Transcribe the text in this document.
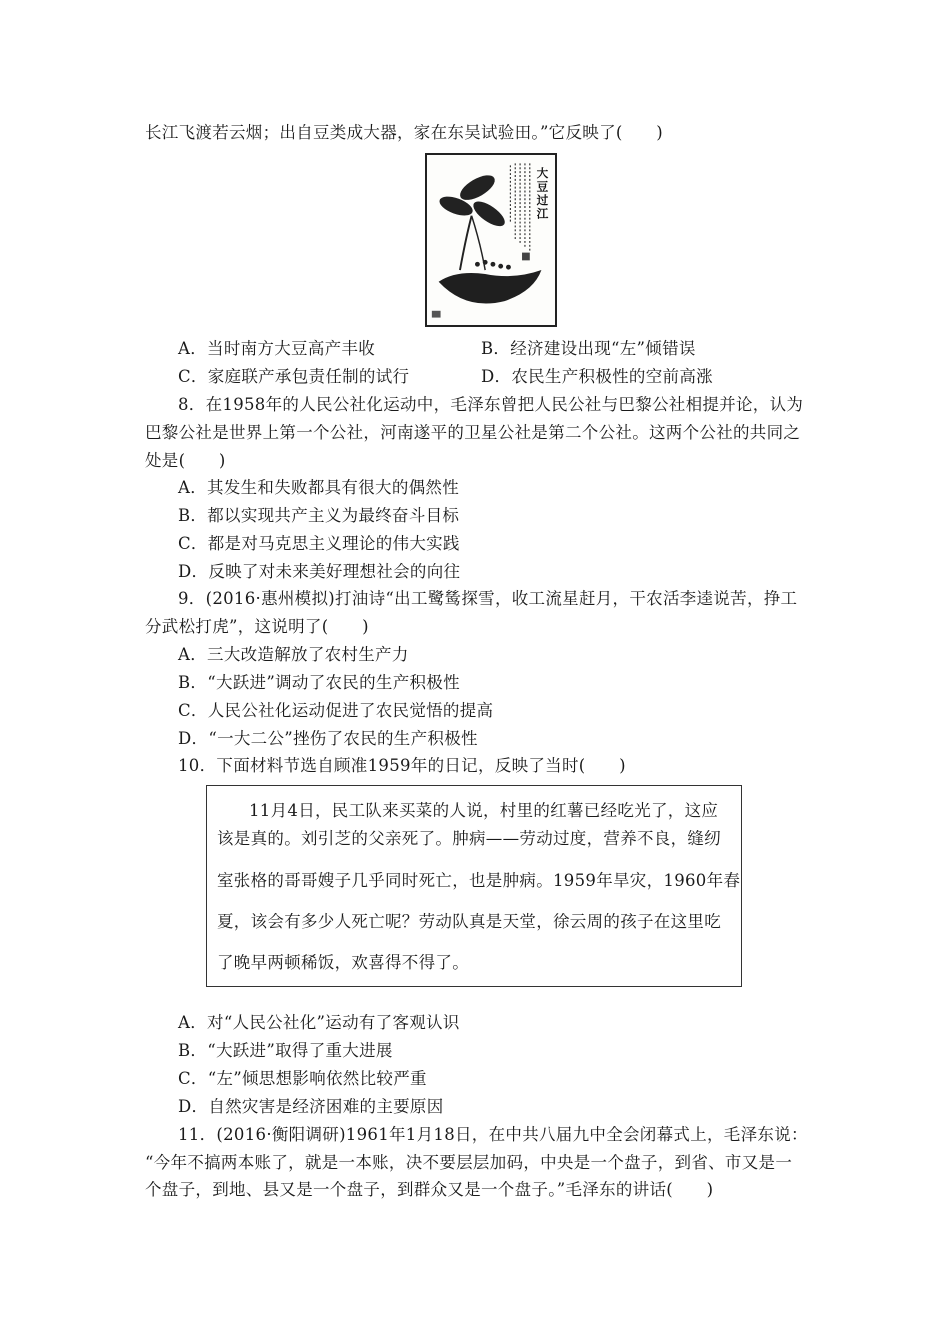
长江飞渡若云烟；出自豆类成大器，家在东吴试验田。”它反映了(　　)
大
豆
过
江
A．当时南方大豆高产丰收	B．经济建设出现“左”倾错误
C．家庭联产承包责任制的试行	D．农民生产积极性的空前高涨
8．在1958年的人民公社化运动中，毛泽东曾把人民公社与巴黎公社相提并论，认为
巴黎公社是世界上第一个公社，河南遂平的卫星公社是第二个公社。这两个公社的共同之
处是(　　)
A．其发生和失败都具有很大的偶然性
B．都以实现共产主义为最终奋斗目标
C．都是对马克思主义理论的伟大实践
D．反映了对未来美好理想社会的向往
9．(2016·惠州模拟)打油诗“出工鹭鸶探雪，收工流星赶月，干农活李逵说苦，挣工
分武松打虎”，这说明了(　　)
A．三大改造解放了农村生产力
B．“大跃进”调动了农民的生产积极性
C．人民公社化运动促进了农民觉悟的提高
D．“一大二公”挫伤了农民的生产积极性
10．下面材料节选自顾准1959年的日记，反映了当时(　　)
11月4日，民工队来买菜的人说，村里的红薯已经吃光了，这应
该是真的。刘引芝的父亲死了。肿病——劳动过度，营养不良，缝纫
室张格的哥哥嫂子几乎同时死亡，也是肿病。1959年旱灾，1960年春
夏，该会有多少人死亡呢？劳动队真是天堂，徐云周的孩子在这里吃
了晚早两顿稀饭，欢喜得不得了。
A．对“人民公社化”运动有了客观认识
B．“大跃进”取得了重大进展
C．“左”倾思想影响依然比较严重
D．自然灾害是经济困难的主要原因
11．(2016·衡阳调研)1961年1月18日，在中共八届九中全会闭幕式上，毛泽东说：
“今年不搞两本账了，就是一本账，决不要层层加码，中央是一个盘子，到省、市又是一
个盘子，到地、县又是一个盘子，到群众又是一个盘子。”毛泽东的讲话(　　)
